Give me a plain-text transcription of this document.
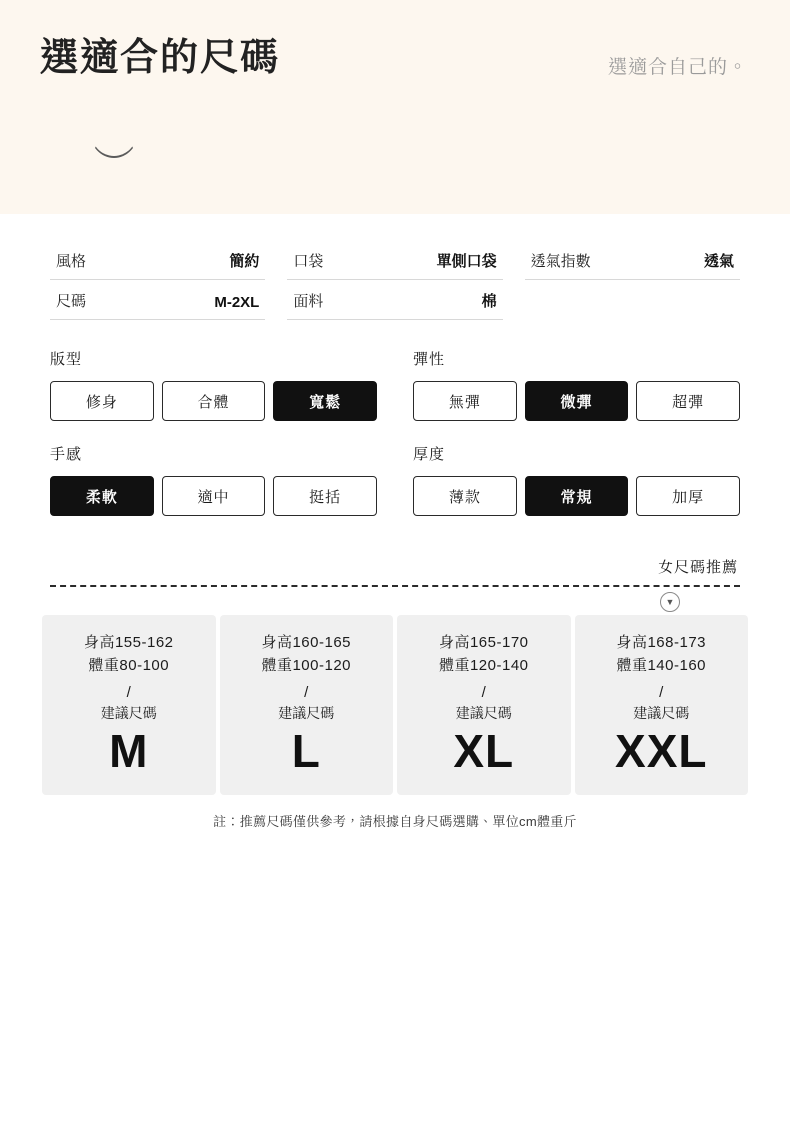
選適合的尺碼	選適合自己的。
風格	簡約 口袋	單側口袋 透氣指數	透氣
尺碼	M-2XL 面料	棉
版型
修身	合體	寬鬆
彈性
無彈	微彈	超彈
手感
柔軟	適中	挺括
厚度
薄款	常規	加厚
女尺碼推薦
▼
身高155-162
體重80-100
/
建議尺碼
M
身高160-165
體重100-120
/
建議尺碼
L
身高165-170
體重120-140
/
建議尺碼
XL
身高168-173
體重140-160
/
建議尺碼
XXL
註：推薦尺碼僅供參考，請根據自身尺碼選購、單位cm體重斤
